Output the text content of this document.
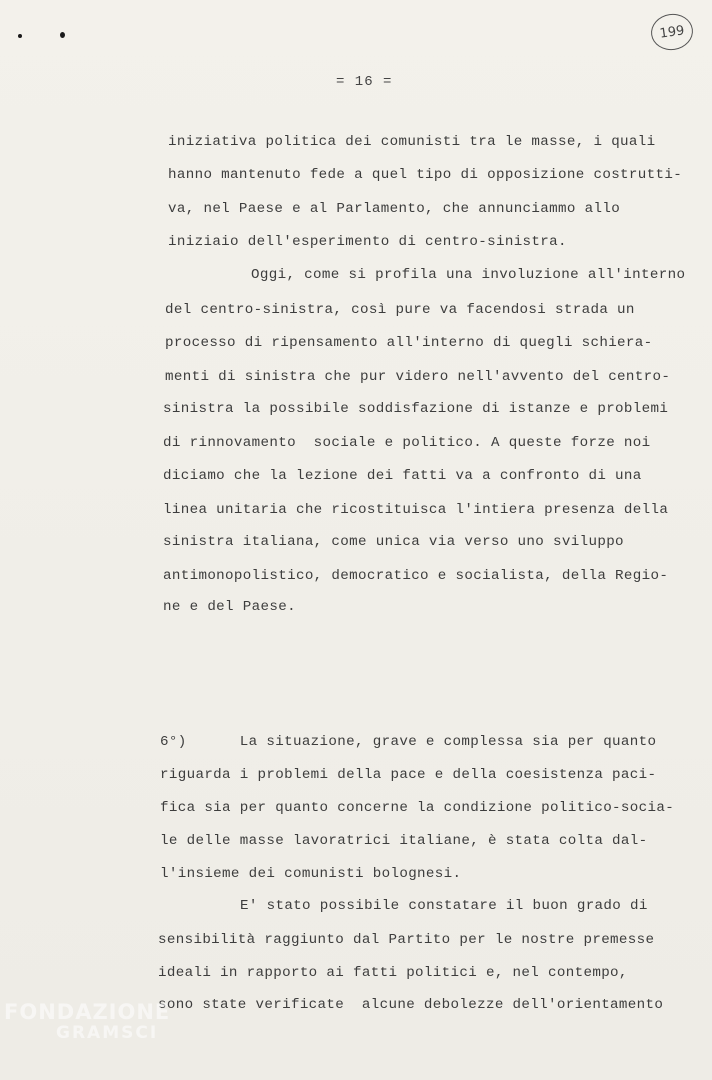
199
= 16 =
iniziativa politica dei comunisti tra le masse, i quali
hanno mantenuto fede a quel tipo di opposizione costrutti-
va, nel Paese e al Parlamento, che annunciammo allo
iniziaio dell'esperimento di centro-sinistra.
Oggi, come si profila una involuzione all'interno
del centro-sinistra, così pure va facendosi strada un
processo di ripensamento all'interno di quegli schiera-
menti di sinistra che pur videro nell'avvento del centro-
sinistra la possibile soddisfazione di istanze e problemi
di rinnovamento  sociale e politico. A queste forze noi
diciamo che la lezione dei fatti va a confronto di una
linea unitaria che ricostituisca l'intiera presenza della
sinistra italiana, come unica via verso uno sviluppo
antimonopolistico, democratico e socialista, della Regio-
ne e del Paese.
6°)      La situazione, grave e complessa sia per quanto
riguarda i problemi della pace e della coesistenza paci-
fica sia per quanto concerne la condizione politico-socia-
le delle masse lavoratrici italiane, è stata colta dal-
l'insieme dei comunisti bolognesi.
E' stato possibile constatare il buon grado di
sensibilità raggiunto dal Partito per le nostre premesse
ideali in rapporto ai fatti politici e, nel contempo,
sono state verificate  alcune debolezze dell'orientamento
FONDAZIONE
GRAMSCI
